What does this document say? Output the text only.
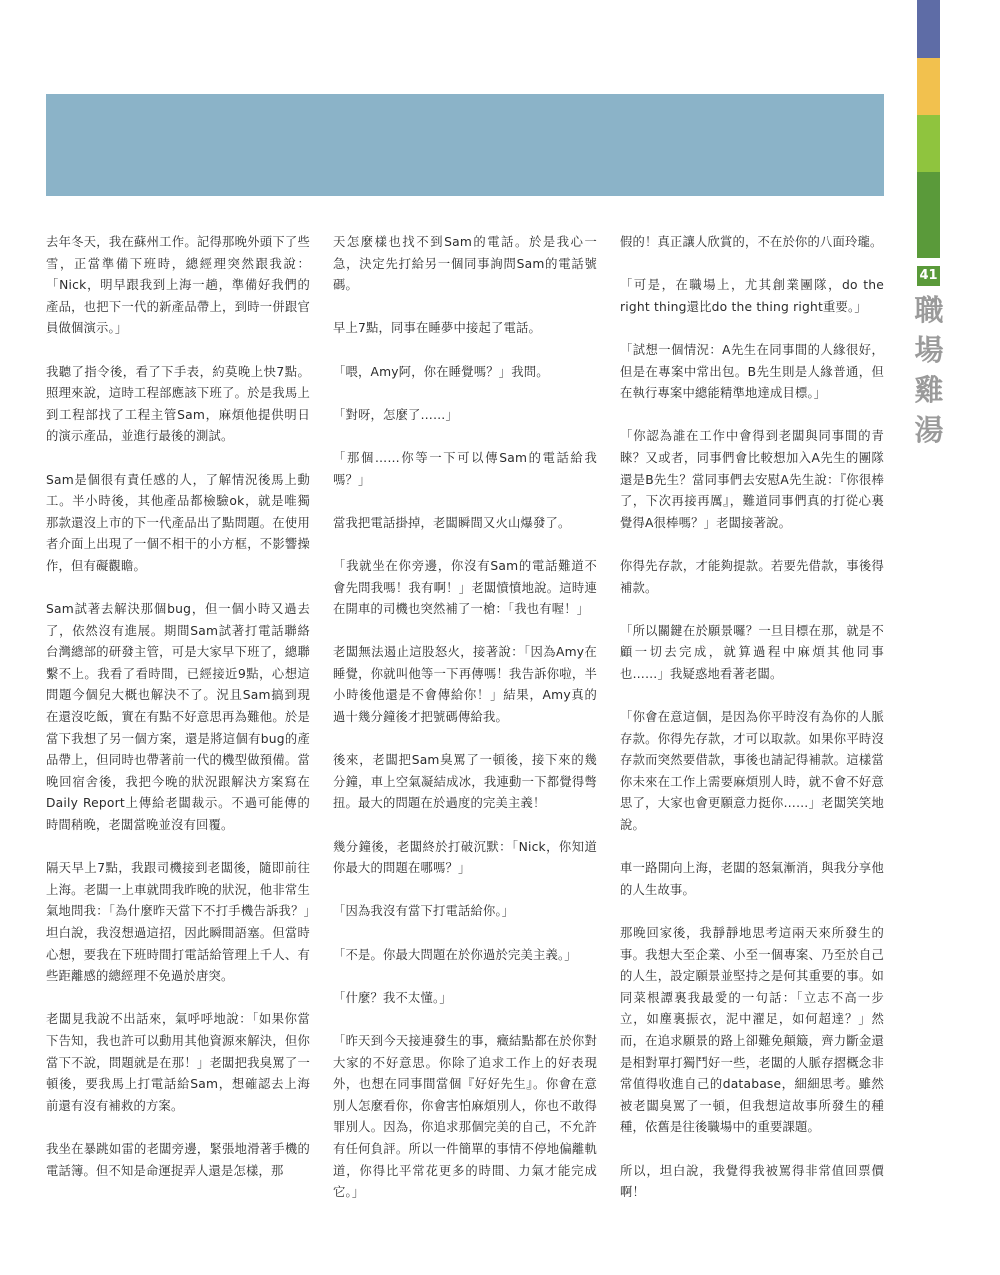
41
職
場
雞
湯

去年冬天，我在蘇州工作。記得那晚外頭下了些雪，正當準備下班時，總經理突然跟我說：「Nick，明早跟我到上海一趟，準備好我們的產品，也把下一代的新產品帶上，到時一併跟官員做個演示。」

我聽了指令後，看了下手表，約莫晚上快7點。照理來說，這時工程部應該下班了。於是我馬上到工程部找了工程主管Sam，麻煩他提供明日的演示產品，並進行最後的測試。

Sam是個很有責任感的人，了解情況後馬上動工。半小時後，其他產品都檢驗ok，就是唯獨那款還沒上市的下一代產品出了點問題。在使用者介面上出現了一個不相干的小方框，不影響操作，但有礙觀瞻。

Sam試著去解決那個bug，但一個小時又過去了，依然沒有進展。期間Sam試著打電話聯絡台灣總部的研發主管，可是大家早下班了，總聯繫不上。我看了看時間，已經接近9點，心想這問題今個兒大概也解決不了。況且Sam搞到現在還沒吃飯，實在有點不好意思再為難他。於是當下我想了另一個方案，還是將這個有bug的產品帶上，但同時也帶著前一代的機型做預備。當晚回宿舍後，我把今晚的狀況跟解決方案寫在Daily Report上傳給老闆裁示。不過可能傳的時間稍晚，老闆當晚並沒有回覆。

隔天早上7點，我跟司機接到老闆後，隨即前往上海。老闆一上車就問我昨晚的狀況，他非常生氣地問我：「為什麼昨天當下不打手機告訴我？」坦白說，我沒想過這招，因此瞬間語塞。但當時心想，要我在下班時間打電話給管理上千人、有些距離感的總經理不免過於唐突。

老闆見我說不出話來，氣呼呼地說：「如果你當下告知，我也許可以動用其他資源來解決，但你當下不說，問題就是在那！」老闆把我臭罵了一頓後，要我馬上打電話給Sam，想確認去上海前還有沒有補救的方案。

我坐在暴跳如雷的老闆旁邊，緊張地滑著手機的電話簿。但不知是命運捉弄人還是怎樣，那

天怎麼樣也找不到Sam的電話。於是我心一急，決定先打給另一個同事詢問Sam的電話號碼。

早上7點，同事在睡夢中接起了電話。

「喂，Amy阿，你在睡覺嗎？」我問。

「對呀，怎麼了……」

「那個……你等一下可以傳Sam的電話給我嗎？」

當我把電話掛掉，老闆瞬間又火山爆發了。

「我就坐在你旁邊，你沒有Sam的電話難道不會先問我嗎！我有啊！」老闆憤憤地說。這時連在開車的司機也突然補了一槍：「我也有喔！」

老闆無法遏止這股怒火，接著說：「因為Amy在睡覺，你就叫他等一下再傳嗎！我告訴你啦，半小時後他還是不會傳給你！」結果，Amy真的過十幾分鐘後才把號碼傳給我。

後來，老闆把Sam臭罵了一頓後，接下來的幾分鐘，車上空氣凝結成冰，我連動一下都覺得彆扭。最大的問題在於過度的完美主義！

幾分鐘後，老闆終於打破沉默：「Nick，你知道你最大的問題在哪嗎？」

「因為我沒有當下打電話給你。」

「不是。你最大問題在於你過於完美主義。」

「什麼？我不太懂。」

「昨天到今天接連發生的事，癥結點都在於你對大家的不好意思。你除了追求工作上的好表現外，也想在同事間當個『好好先生』。你會在意別人怎麼看你，你會害怕麻煩別人，你也不敢得罪別人。因為，你追求那個完美的自己，不允許有任何負評。所以一件簡單的事情不停地偏離軌道，你得比平常花更多的時間、力氣才能完成它。」

假的！真正讓人欣賞的，不在於你的八面玲瓏。

「可是，在職場上，尤其創業團隊，do the right thing還比do the thing right重要。」

「試想一個情況：A先生在同事間的人緣很好，但是在專案中常出包。B先生則是人緣普通，但在執行專案中總能精準地達成目標。」

「你認為誰在工作中會得到老闆與同事間的青睞？又或者，同事們會比較想加入A先生的團隊還是B先生？當同事們去安慰A先生說：『你很棒了，下次再接再厲』，難道同事們真的打從心裏覺得A很棒嗎？」老闆接著說。

你得先存款，才能夠提款。若要先借款，事後得補款。

「所以關鍵在於願景囉？一旦目標在那，就是不顧一切去完成，就算過程中麻煩其他同事也……」我疑惑地看著老闆。

「你會在意這個，是因為你平時沒有為你的人脈存款。你得先存款，才可以取款。如果你平時沒存款而突然要借款，事後也請記得補款。這樣當你未來在工作上需要麻煩別人時，就不會不好意思了，大家也會更願意力挺你……」老闆笑笑地說。

車一路開向上海，老闆的怒氣漸消，與我分享他的人生故事。

那晚回家後，我靜靜地思考這兩天來所發生的事。我想大至企業、小至一個專案、乃至於自己的人生，設定願景並堅持之是何其重要的事。如同菜根譚裏我最愛的一句話：「立志不高一步立，如塵裏振衣，泥中濯足，如何超達？」然而，在追求願景的路上卻難免顛簸，齊力斷金還是相對單打獨鬥好一些，老闆的人脈存摺概念非常值得收進自己的database，細細思考。雖然被老闆臭罵了一頓，但我想這故事所發生的種種，依舊是往後職場中的重要課題。

所以，坦白說，我覺得我被罵得非常值回票價啊！
